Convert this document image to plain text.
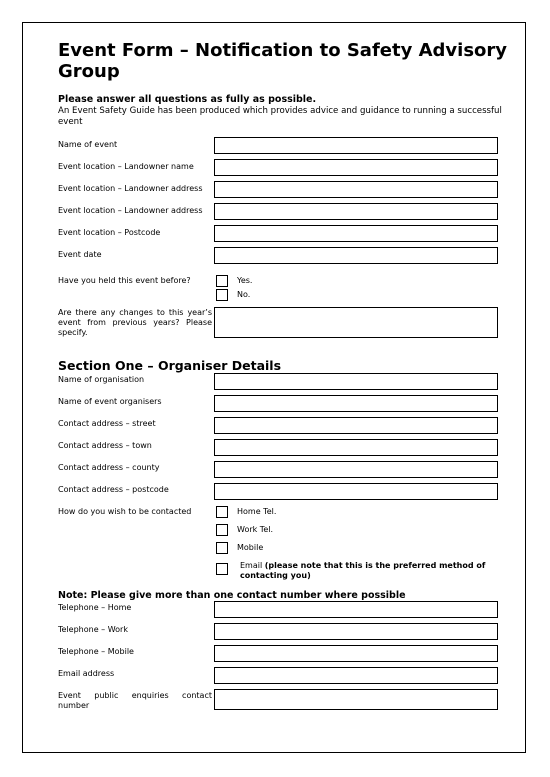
Event Form – Notification to Safety Advisory Group
Please answer all questions as fully as possible.
An Event Safety Guide has been produced which provides advice and guidance to running a successful event
Name of event
Event location – Landowner name
Event location – Landowner address
Event location – Landowner address
Event location – Postcode
Event date
Have you held this event before?	Yes.
No.
Are there any changes to this year’s event from previous years? Please specify.
Section One – Organiser Details
Name of organisation
Name of event organisers
Contact address – street
Contact address – town
Contact address – county
Contact address – postcode
How do you wish to be contacted	Home Tel.
Work Tel.
Mobile
Email (please note that this is the preferred method of contacting you)
Note: Please give more than one contact number where possible
Telephone – Home
Telephone – Work
Telephone – Mobile
Email address
Event public enquiries contact number
